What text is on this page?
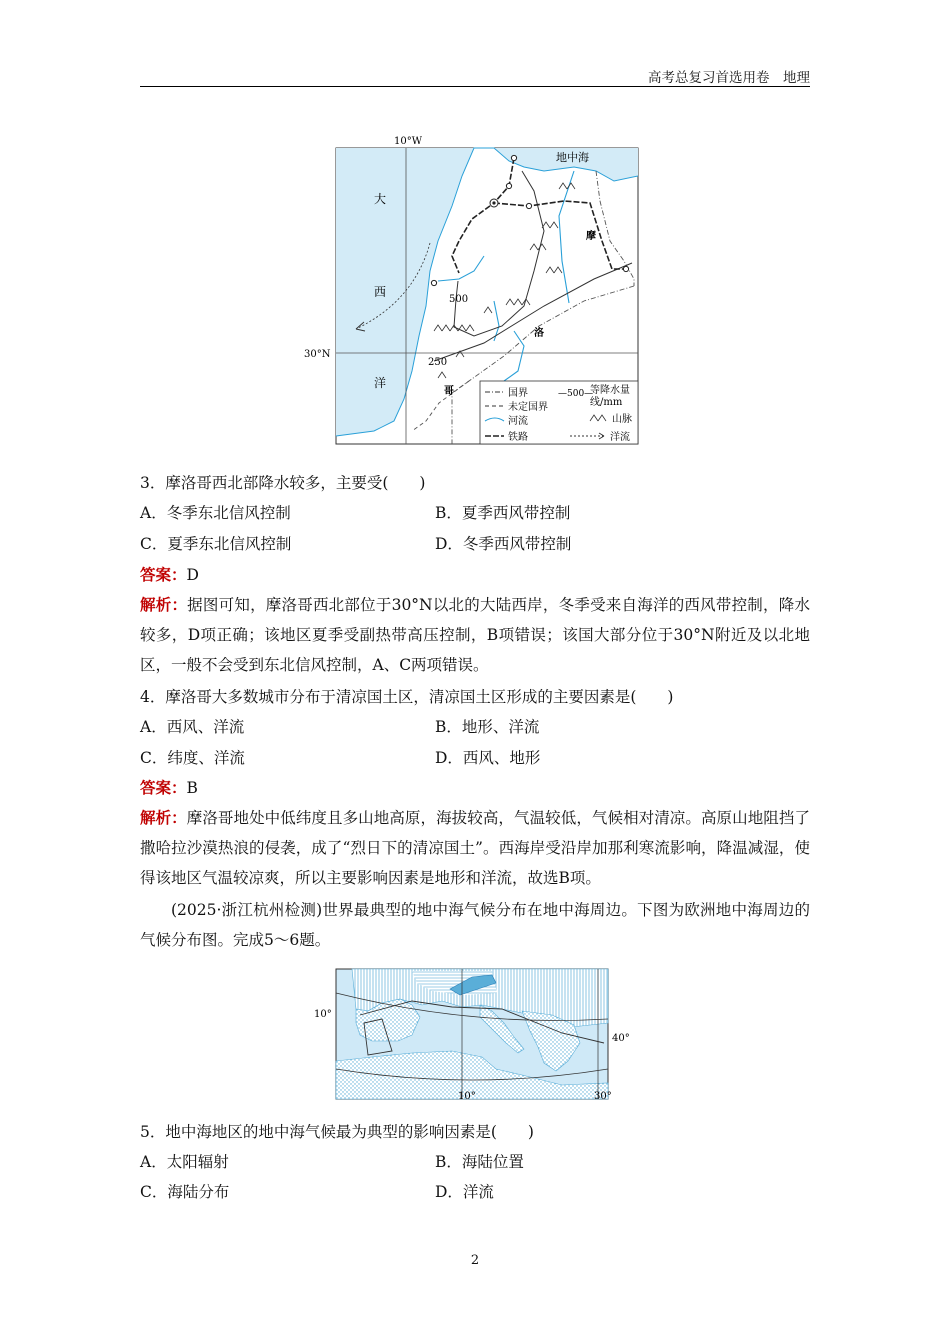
高考总复习首选用卷　地理
10°W
30°N
地中海
大
西
洋
500
250
摩
洛
哥	国界	—500—
等降水量
线/mm
未定国界
河流	山脉
铁路	洋流
3．摩洛哥西北部降水较多，主要受(　　)
A．冬季东北信风控制	B．夏季西风带控制
C．夏季东北信风控制	D．冬季西风带控制
答案：D
解析：据图可知，摩洛哥西北部位于30°N以北的大陆西岸，冬季受来自海洋的西风带控制，降水较多，D项正确；该地区夏季受副热带高压控制，B项错误；该国大部分位于30°N附近及以北地区，一般不会受到东北信风控制，A、C两项错误。
4．摩洛哥大多数城市分布于清凉国土区，清凉国土区形成的主要因素是(　　)
A．西风、洋流	B．地形、洋流
C．纬度、洋流	D．西风、地形
答案：B
解析：摩洛哥地处中低纬度且多山地高原，海拔较高，气温较低，气候相对清凉。高原山地阻挡了撒哈拉沙漠热浪的侵袭，成了“烈日下的清凉国土”。西海岸受沿岸加那利寒流影响，降温减湿，使得该地区气温较凉爽，所以主要影响因素是地形和洋流，故选B项。
(2025·浙江杭州检测)世界最典型的地中海气候分布在地中海周边。下图为欧洲地中海周边的气候分布图。完成5～6题。
10°
40°
10°	30°
5．地中海地区的地中海气候最为典型的影响因素是(　　)
A．太阳辐射	B．海陆位置
C．海陆分布	D．洋流
2
